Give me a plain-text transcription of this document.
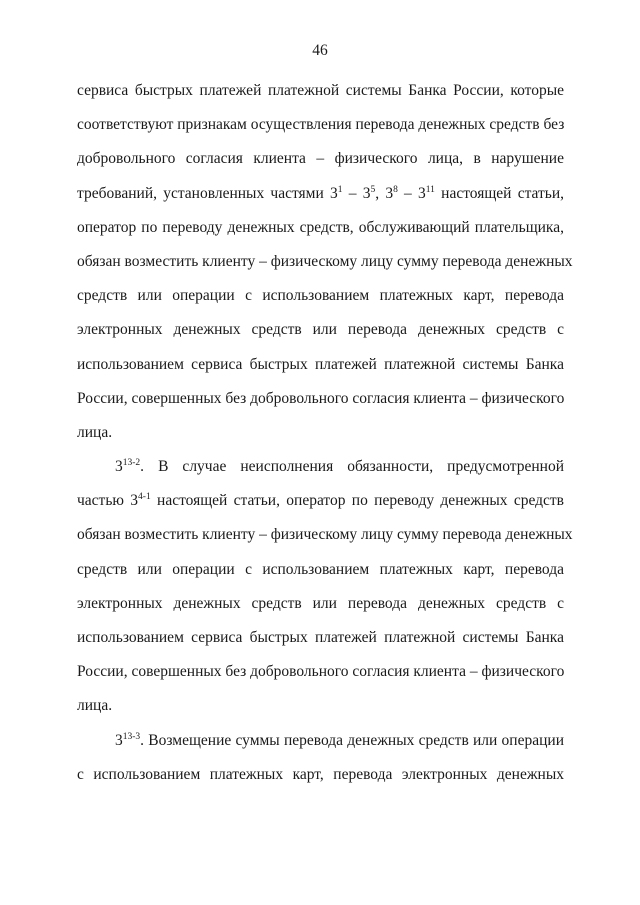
46
сервиса быстрых платежей платежной системы Банка России, которые
соответствуют признакам осуществления перевода денежных средств без
добровольного согласия клиента – физического лица, в нарушение
требований, установленных частями $3^1 - 3^5$, $3^8 - 3^{11}$ настоящей статьи,
оператор по переводу денежных средств, обслуживающий плательщика,
обязан возместить клиенту – физическому лицу сумму перевода денежных
средств или операции с использованием платежных карт, перевода
электронных денежных средств или перевода денежных средств с
использованием сервиса быстрых платежей платежной системы Банка
России, совершенных без добровольного согласия клиента – физического
лица.
3$^{13-2}$. В случае неисполнения обязанности, предусмотренной
частью 3$^{4-1}$ настоящей статьи, оператор по переводу денежных средств
обязан возместить клиенту – физическому лицу сумму перевода денежных
средств или операции с использованием платежных карт, перевода
электронных денежных средств или перевода денежных средств с
использованием сервиса быстрых платежей платежной системы Банка
России, совершенных без добровольного согласия клиента – физического
лица.
3$^{13-3}$. Возмещение суммы перевода денежных средств или операции
с использованием платежных карт, перевода электронных денежных
